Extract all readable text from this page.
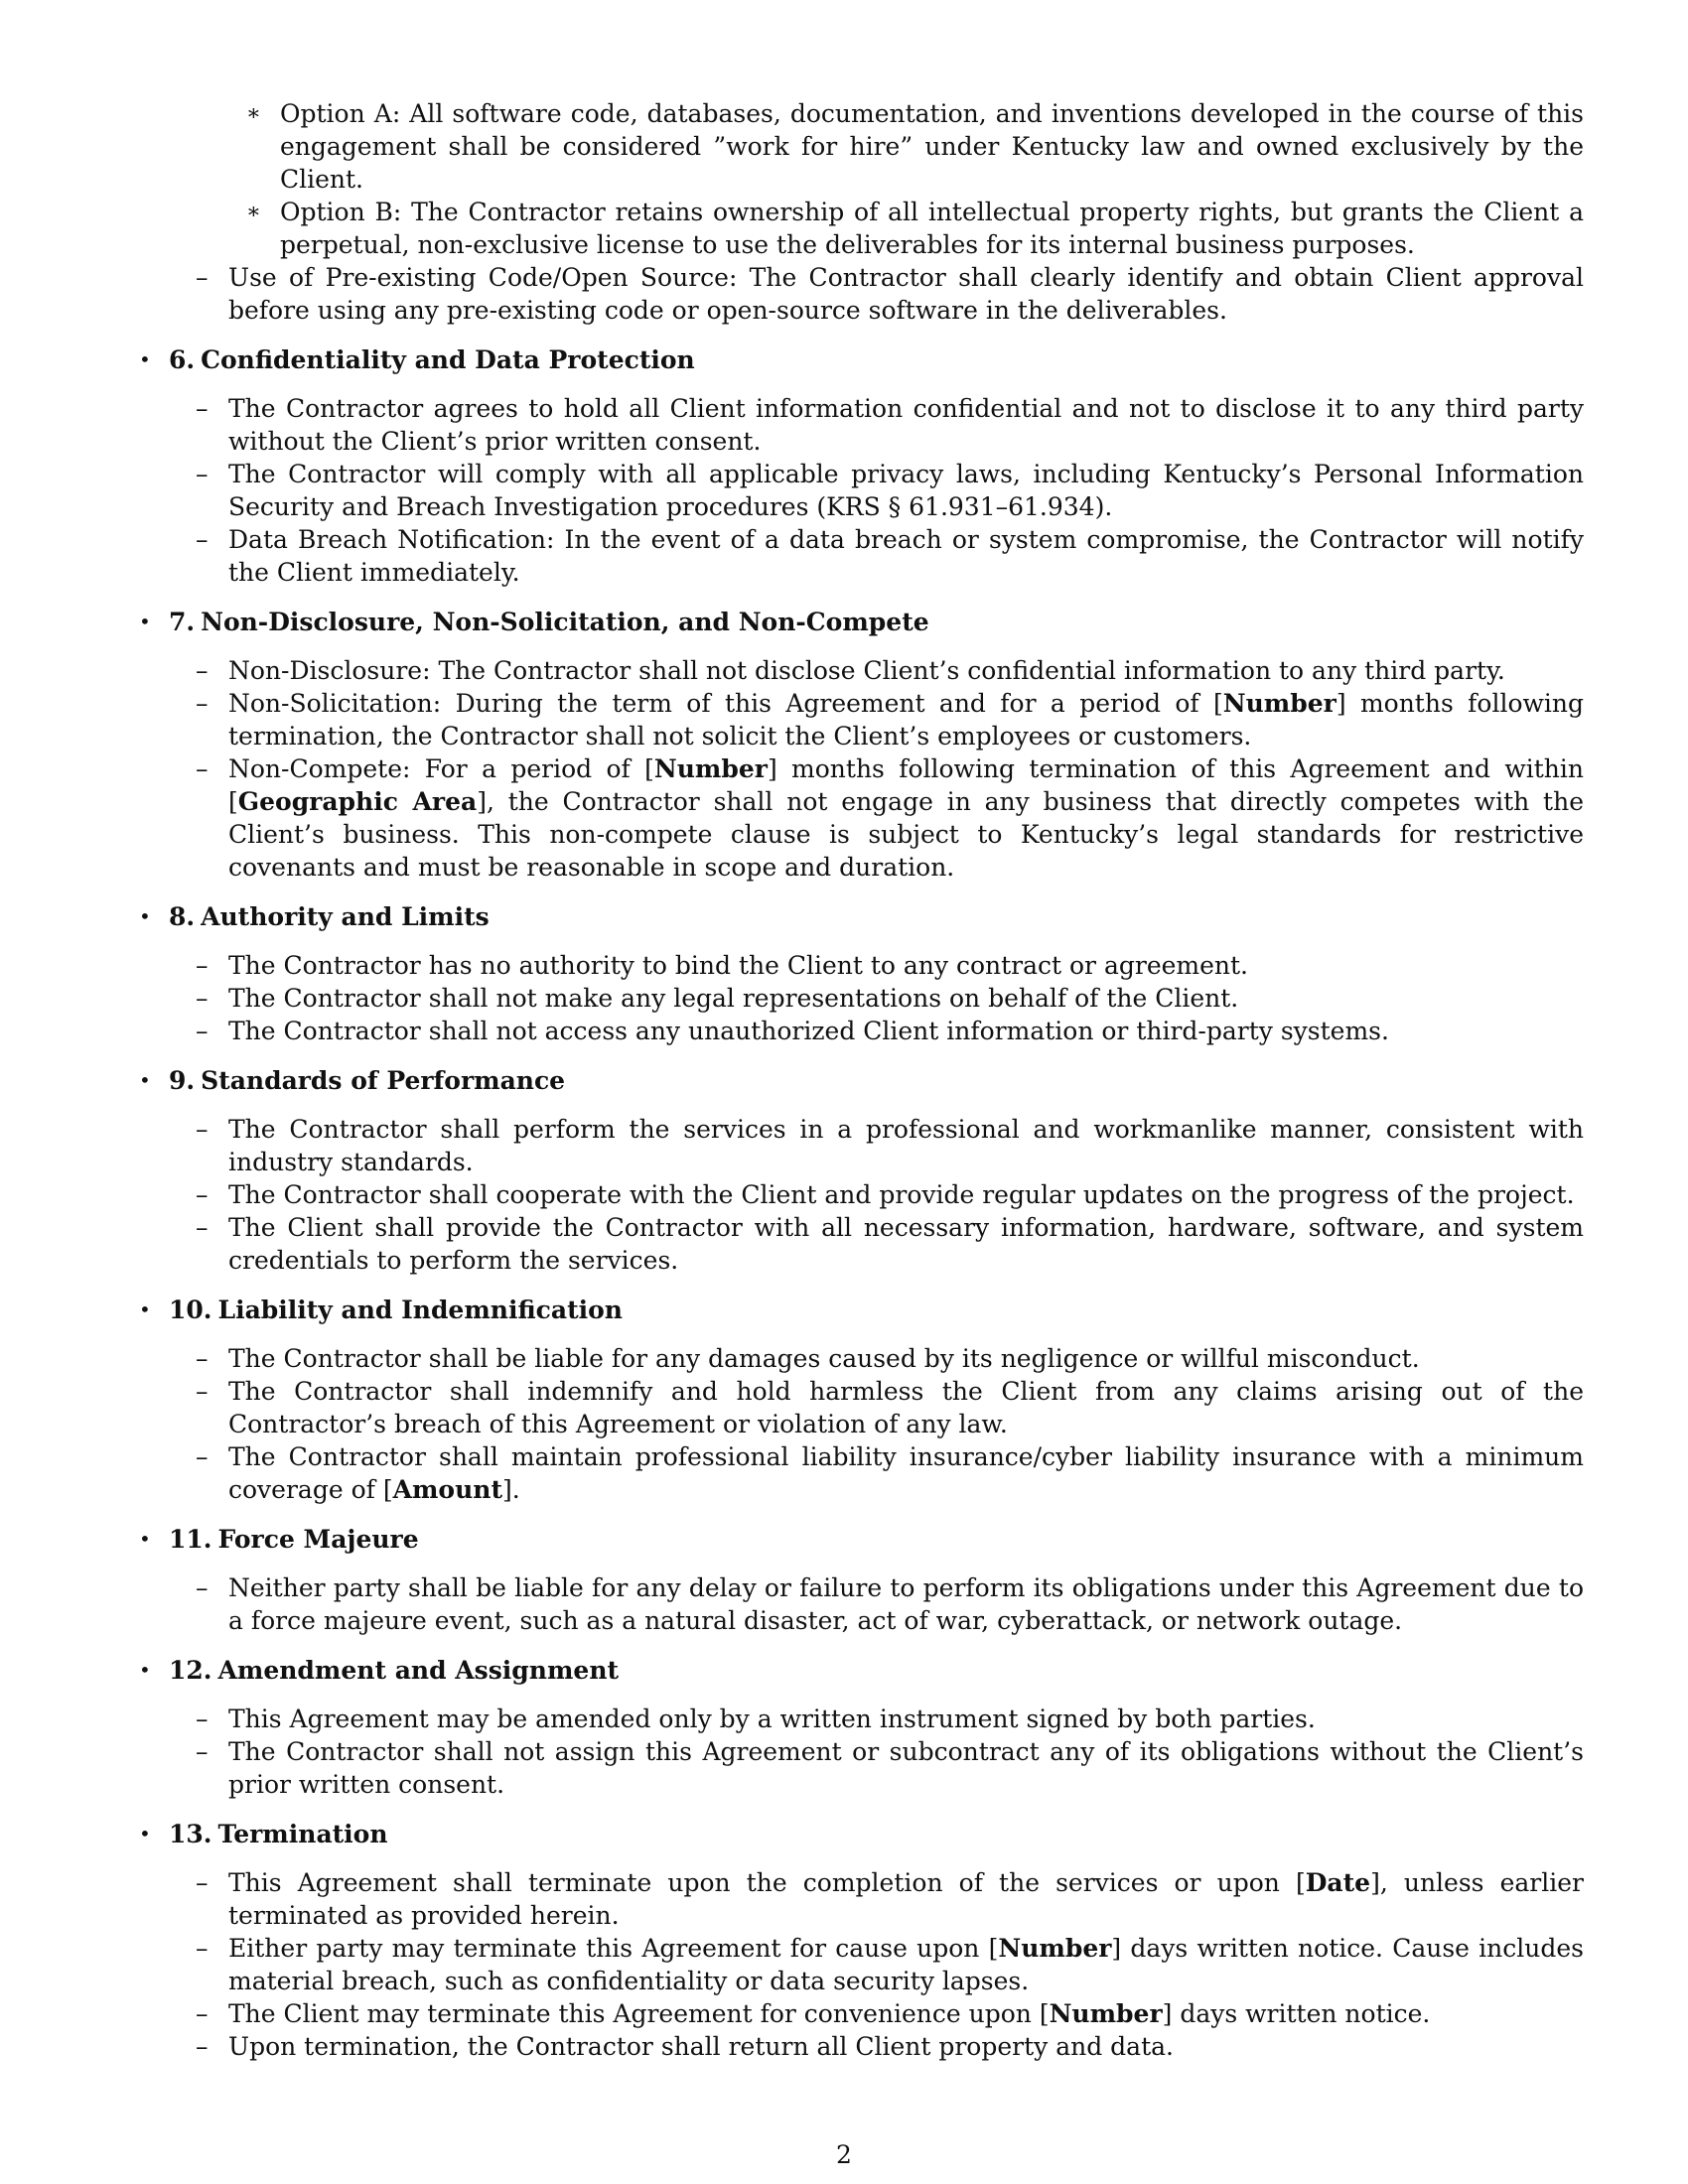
∗ Option A: All software code, databases, documentation, and inventions developed in the course of this engagement shall be considered ”work for hire” under Kentucky law and owned exclusively by the Client.
∗ Option B: The Contractor retains ownership of all intellectual property rights, but grants the Client a perpetual, non-exclusive license to use the deliverables for its internal business purposes.
– Use of Pre-existing Code/Open Source: The Contractor shall clearly identify and obtain Client approval before using any pre-existing code or open-source software in the deliverables.
• 6. Confidentiality and Data Protection
– The Contractor agrees to hold all Client information confidential and not to disclose it to any third party without the Client’s prior written consent.
– The Contractor will comply with all applicable privacy laws, including Kentucky’s Personal Information Security and Breach Investigation procedures (KRS § 61.931–61.934).
– Data Breach Notification: In the event of a data breach or system compromise, the Contractor will notify the Client immediately.
• 7. Non-Disclosure, Non-Solicitation, and Non-Compete
– Non-Disclosure: The Contractor shall not disclose Client’s confidential information to any third party.
– Non-Solicitation: During the term of this Agreement and for a period of [Number] months following termination, the Contractor shall not solicit the Client’s employees or customers.
– Non-Compete: For a period of [Number] months following termination of this Agreement and within [Geographic Area], the Contractor shall not engage in any business that directly competes with the Client’s business. This non-compete clause is subject to Kentucky’s legal standards for restrictive covenants and must be reasonable in scope and duration.
• 8. Authority and Limits
– The Contractor has no authority to bind the Client to any contract or agreement.
– The Contractor shall not make any legal representations on behalf of the Client.
– The Contractor shall not access any unauthorized Client information or third-party systems.
• 9. Standards of Performance
– The Contractor shall perform the services in a professional and workmanlike manner, consistent with industry standards.
– The Contractor shall cooperate with the Client and provide regular updates on the progress of the project.
– The Client shall provide the Contractor with all necessary information, hardware, software, and system credentials to perform the services.
• 10. Liability and Indemnification
– The Contractor shall be liable for any damages caused by its negligence or willful misconduct.
– The Contractor shall indemnify and hold harmless the Client from any claims arising out of the Contractor’s breach of this Agreement or violation of any law.
– The Contractor shall maintain professional liability insurance/cyber liability insurance with a minimum coverage of [Amount].
• 11. Force Majeure
– Neither party shall be liable for any delay or failure to perform its obligations under this Agreement due to a force majeure event, such as a natural disaster, act of war, cyberattack, or network outage.
• 12. Amendment and Assignment
– This Agreement may be amended only by a written instrument signed by both parties.
– The Contractor shall not assign this Agreement or subcontract any of its obligations without the Client’s prior written consent.
• 13. Termination
– This Agreement shall terminate upon the completion of the services or upon [Date], unless earlier terminated as provided herein.
– Either party may terminate this Agreement for cause upon [Number] days written notice. Cause includes material breach, such as confidentiality or data security lapses.
– The Client may terminate this Agreement for convenience upon [Number] days written notice.
– Upon termination, the Contractor shall return all Client property and data.
2
